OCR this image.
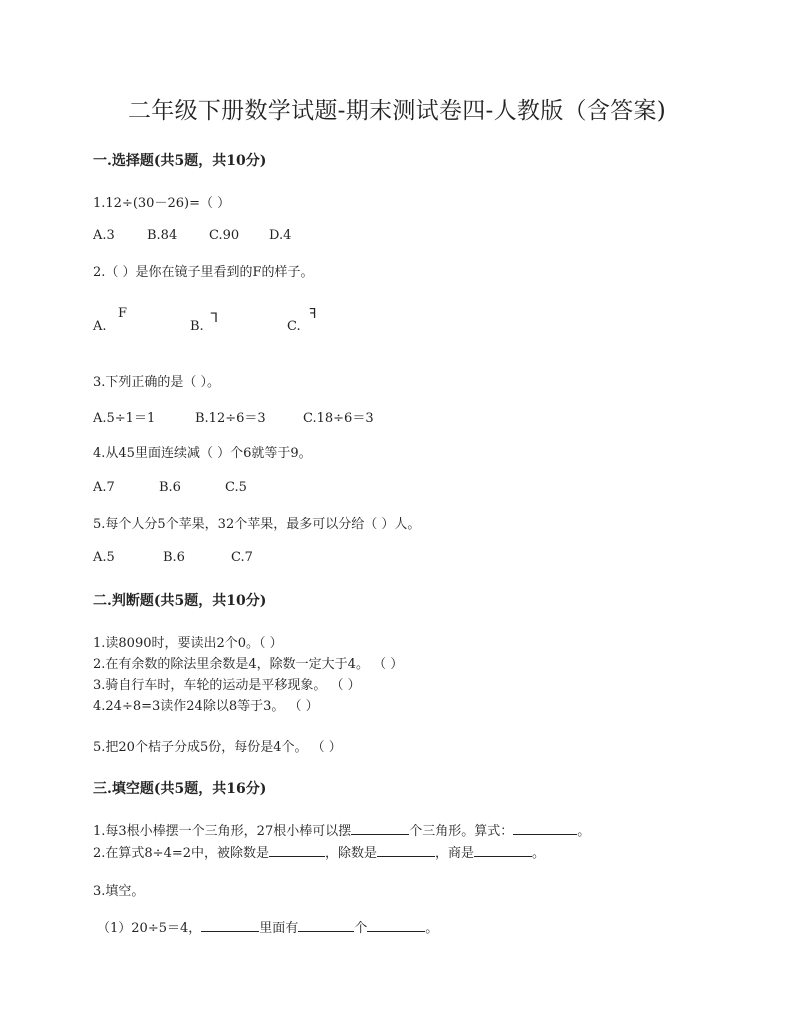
二年级下册数学试题-期末测试卷四-人教版（含答案)
一.选择题(共5题，共10分)
1.12÷(30－26)=（ ）
A.3	B.84	C.90	D.4
2.（ ）是你在镜子里看到的F的样子。
A.
F
B.
ᒣ
C.
ꟻ
3.下列正确的是（ ）。
A.5÷1＝1	B.12÷6＝3	C.18÷6＝3
4.从45里面连续减（ ）个6就等于9。
A.7	B.6	C.5
5.每个人分5个苹果，32个苹果，最多可以分给（ ）人。
A.5	B.6	C.7
二.判断题(共5题，共10分)
1.读8090时，要读出2个0。（ ）
2.在有余数的除法里余数是4，除数一定大于4。 （ ）
3.骑自行车时，车轮的运动是平移现象。 （ ）
4.24÷8=3读作24除以8等于3。 （ ）
5.把20个桔子分成5份，每份是4个。 （ ）
三.填空题(共5题，共16分)
1.每3根小棒摆一个三角形，27根小棒可以摆	个三角形。算式：	。
2.在算式8÷4=2中，被除数是	，除数是	，商是	。
3.填空。
（1）20÷5＝4，	里面有	个	。
